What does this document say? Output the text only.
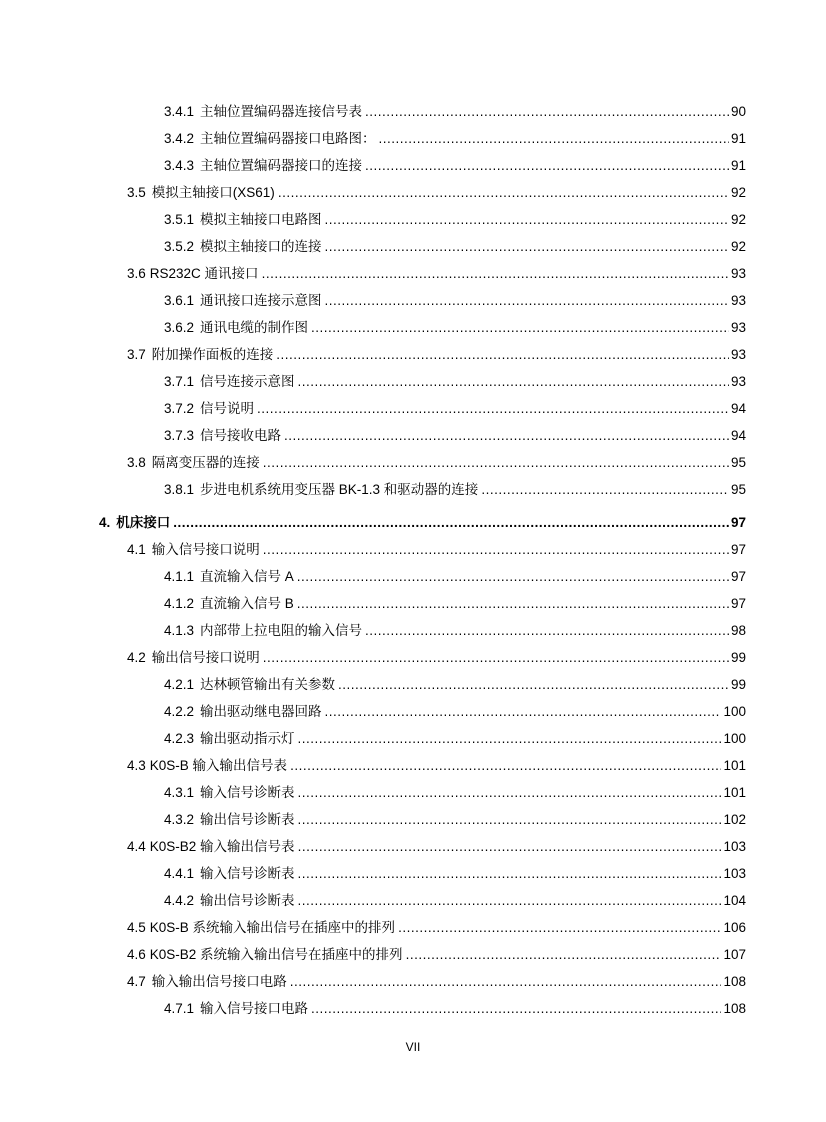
3.4.1 主轴位置编码器连接信号表 .....	90
3.4.2 主轴位置编码器接口电路图： .....	91
3.4.3 主轴位置编码器接口的连接 .....	91
3.5 模拟主轴接口(XS61) .....	92
3.5.1 模拟主轴接口电路图 .....	92
3.5.2 模拟主轴接口的连接 .....	92
3.6 RS232C 通讯接口 .....	93
3.6.1 通讯接口连接示意图 .....	93
3.6.2 通讯电缆的制作图 .....	93
3.7 附加操作面板的连接 .....	93
3.7.1 信号连接示意图 .....	93
3.7.2 信号说明 .....	94
3.7.3 信号接收电路 .....	94
3.8 隔离变压器的连接 .....	95
3.8.1 步进电机系统用变压器 BK-1.3 和驱动器的连接 .....	95
4. 机床接口 .....	97
4.1 输入信号接口说明 .....	97
4.1.1 直流输入信号 A .....	97
4.1.2 直流输入信号 B .....	97
4.1.3 内部带上拉电阻的输入信号 .....	98
4.2 输出信号接口说明 .....	99
4.2.1 达林顿管输出有关参数 .....	99
4.2.2 输出驱动继电器回路 .....	100
4.2.3 输出驱动指示灯 .....	100
4.3 K0S-B 输入输出信号表 .....	101
4.3.1 输入信号诊断表 .....	101
4.3.2 输出信号诊断表 .....	102
4.4 K0S-B2 输入输出信号表 .....	103
4.4.1 输入信号诊断表 .....	103
4.4.2 输出信号诊断表 .....	104
4.5 K0S-B 系统输入输出信号在插座中的排列 .....	106
4.6 K0S-B2 系统输入输出信号在插座中的排列 .....	107
4.7 输入输出信号接口电路 .....	108
4.7.1 输入信号接口电路 .....	108
VII
